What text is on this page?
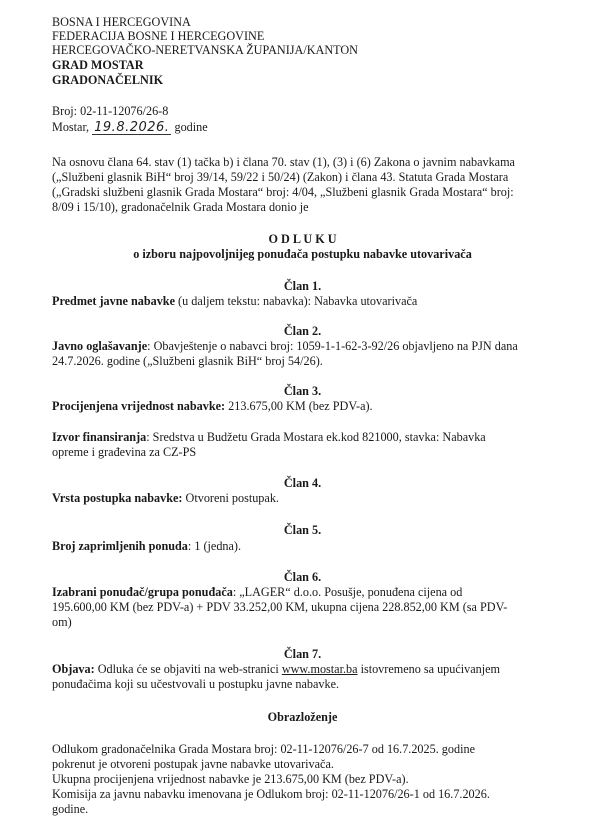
BOSNA I HERCEGOVINA

FEDERACIJA BOSNE I HERCEGOVINE

HERCEGOVAČKO-NERETVANSKA ŽUPANIJA/KANTON

GRAD MOSTAR

GRADONAČELNIK

Broj: 02-11-12076/26-8

Mostar, 19.8.2026. godine

Na osnovu člana 64. stav (1) tačka b) i člana 70. stav (1), (3) i (6) Zakona o javnim nabavkama

(„Službeni glasnik BiH“ broj 39/14, 59/22 i 50/24) (Zakon) i člana 43. Statuta Grada Mostara

(„Gradski službeni glasnik Grada Mostara“ broj: 4/04, „Službeni glasnik Grada Mostara“ broj:

8/09 i 15/10), gradonačelnik Grada Mostara donio je

O D L U K U

o izboru najpovoljnijeg ponuđača postupku nabavke utovarivača

Član 1.

Predmet javne nabavke (u daljem tekstu: nabavka): Nabavka utovarivača

Član 2.

Javno oglašavanje: Obavještenje o nabavci broj: 1059-1-1-62-3-92/26 objavljeno na PJN dana

24.7.2026. godine („Službeni glasnik BiH“ broj 54/26).

Član 3.

Procijenjena vrijednost nabavke: 213.675,00 KM (bez PDV-a).

Izvor finansiranja: Sredstva u Budžetu Grada Mostara ek.kod 821000, stavka: Nabavka

opreme i građevina za CZ-PS

Član 4.

Vrsta postupka nabavke: Otvoreni postupak.

Član 5.

Broj zaprimljenih ponuda: 1 (jedna).

Član 6.

Izabrani ponuđač/grupa ponuđača: „LAGER“ d.o.o. Posušje, ponuđena cijena od

195.600,00 KM (bez PDV-a) + PDV 33.252,00 KM, ukupna cijena 228.852,00 KM (sa PDV-

om)

Član 7.

Objava: Odluka će se objaviti na web-stranici www.mostar.ba istovremeno sa upućivanjem

ponuđačima koji su učestvovali u postupku javne nabavke.

Obrazloženje

Odlukom gradonačelnika Grada Mostara broj: 02-11-12076/26-7 od 16.7.2025. godine

pokrenut je otvoreni postupak javne nabavke utovarivača.

Ukupna procijenjena vrijednost nabavke je 213.675,00 KM (bez PDV-a).

Komisija za javnu nabavku imenovana je Odlukom broj: 02-11-12076/26-1 od 16.7.2026.

godine.
